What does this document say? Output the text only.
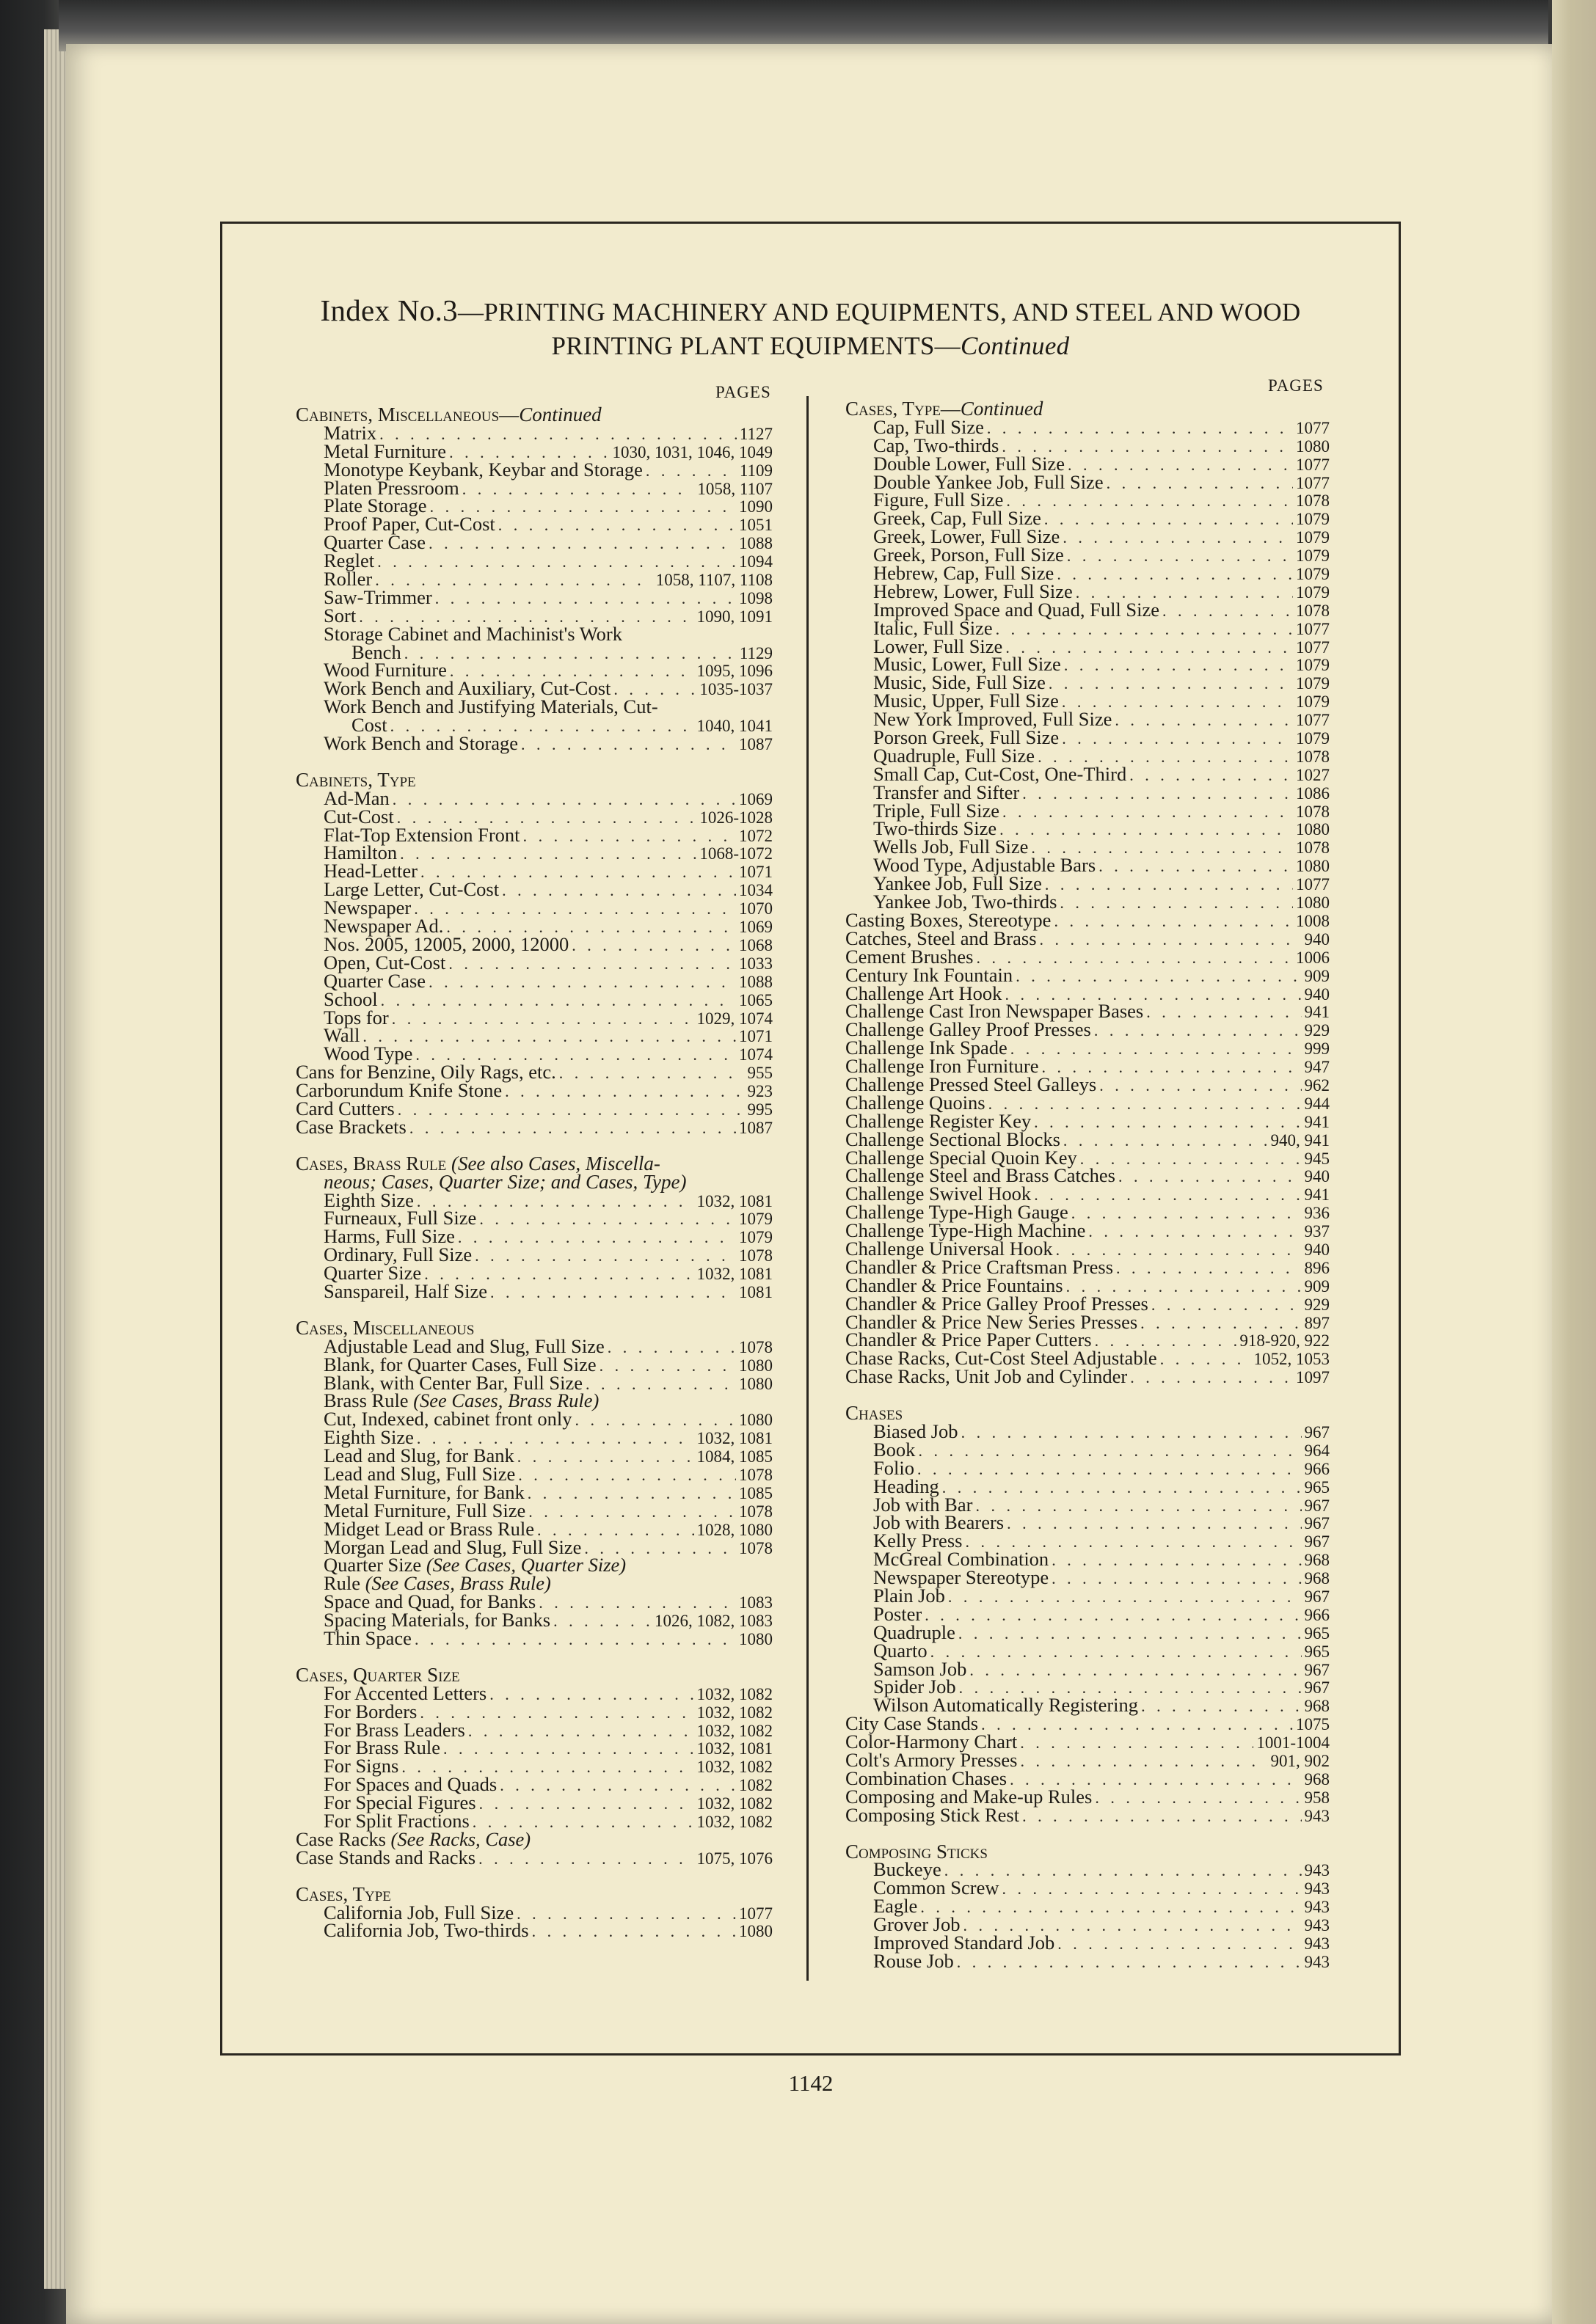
Index No.3—PRINTING MACHINERY AND EQUIPMENTS, AND STEEL AND WOOD
PRINTING PLANT EQUIPMENTS—Continued
PAGES	PAGES
Cabinets, Miscellaneous—Continued
Matrix . . .	1127
Metal Furniture . . .	1030, 1031, 1046, 1049
Monotype Keybank, Keybar and Storage . . .	1109
Platen Pressroom . . .	1058, 1107
Plate Storage . . .	1090
Proof Paper, Cut-Cost . . .	1051
Quarter Case . . .	1088
Reglet . . .	1094
Roller . . .	1058, 1107, 1108
Saw-Trimmer . . .	1098
Sort . . .	1090, 1091
Storage Cabinet and Machinist's Work
Bench . . .	1129
Wood Furniture . . .	1095, 1096
Work Bench and Auxiliary, Cut-Cost . . .	1035-1037
Work Bench and Justifying Materials, Cut-
Cost . . .	1040, 1041
Work Bench and Storage . . .	1087
Cabinets, Type
Ad-Man . . .	1069
Cut-Cost . . .	1026-1028
Flat-Top Extension Front . . .	1072
Hamilton . . .	1068-1072
Head-Letter . . .	1071
Large Letter, Cut-Cost . . .	1034
Newspaper . . .	1070
Newspaper Ad. . . .	1069
Nos. 2005, 12005, 2000, 12000 . . .	1068
Open, Cut-Cost . . .	1033
Quarter Case . . .	1088
School . . .	1065
Tops for . . .	1029, 1074
Wall . . .	1071
Wood Type . . .	1074
Cans for Benzine, Oily Rags, etc. . . .	955
Carborundum Knife Stone . . .	923
Card Cutters . . .	995
Case Brackets . . .	1087
Cases, Brass Rule (See also Cases, Miscella-
neous; Cases, Quarter Size; and Cases, Type)
Eighth Size . . .	1032, 1081
Furneaux, Full Size . . .	1079
Harms, Full Size . . .	1079
Ordinary, Full Size . . .	1078
Quarter Size . . .	1032, 1081
Sanspareil, Half Size . . .	1081
Cases, Miscellaneous
Adjustable Lead and Slug, Full Size . . .	1078
Blank, for Quarter Cases, Full Size . . .	1080
Blank, with Center Bar, Full Size . . .	1080
Brass Rule
(See Cases, Brass Rule)
Cut, Indexed, cabinet front only . . .	1080
Eighth Size . . .	1032, 1081
Lead and Slug, for Bank . . .	1084, 1085
Lead and Slug, Full Size . . .	1078
Metal Furniture, for Bank . . .	1085
Metal Furniture, Full Size . . .	1078
Midget Lead or Brass Rule . . .	1028, 1080
Morgan Lead and Slug, Full Size . . .	1078
Quarter Size
(See Cases, Quarter Size)
Rule
(See Cases, Brass Rule)
Space and Quad, for Banks . . .	1083
Spacing Materials, for Banks . . .	1026, 1082, 1083
Thin Space . . .	1080
Cases, Quarter Size
For Accented Letters . . .	1032, 1082
For Borders . . .	1032, 1082
For Brass Leaders . . .	1032, 1082
For Brass Rule . . .	1032, 1081
For Signs . . .	1032, 1082
For Spaces and Quads . . .	1082
For Special Figures . . .	1032, 1082
For Split Fractions . . .	1032, 1082
Case Racks
(See Racks, Case)
Case Stands and Racks . . .	1075, 1076
Cases, Type
California Job, Full Size . . .	1077
California Job, Two-thirds . . .	1080
Cases, Type—Continued
Cap, Full Size . . .	1077
Cap, Two-thirds . . .	1080
Double Lower, Full Size . . .	1077
Double Yankee Job, Full Size . . .	1077
Figure, Full Size . . .	1078
Greek, Cap, Full Size . . .	1079
Greek, Lower, Full Size . . .	1079
Greek, Porson, Full Size . . .	1079
Hebrew, Cap, Full Size . . .	1079
Hebrew, Lower, Full Size . . .	1079
Improved Space and Quad, Full Size . . .	1078
Italic, Full Size . . .	1077
Lower, Full Size . . .	1077
Music, Lower, Full Size . . .	1079
Music, Side, Full Size . . .	1079
Music, Upper, Full Size . . .	1079
New York Improved, Full Size . . .	1077
Porson Greek, Full Size . . .	1079
Quadruple, Full Size . . .	1078
Small Cap, Cut-Cost, One-Third . . .	1027
Transfer and Sifter . . .	1086
Triple, Full Size . . .	1078
Two-thirds Size . . .	1080
Wells Job, Full Size . . .	1078
Wood Type, Adjustable Bars . . .	1080
Yankee Job, Full Size . . .	1077
Yankee Job, Two-thirds . . .	1080
Casting Boxes, Stereotype . . .	1008
Catches, Steel and Brass . . .	940
Cement Brushes . . .	1006
Century Ink Fountain . . .	909
Challenge Art Hook . . .	940
Challenge Cast Iron Newspaper Bases . . .	941
Challenge Galley Proof Presses . . .	929
Challenge Ink Spade . . .	999
Challenge Iron Furniture . . .	947
Challenge Pressed Steel Galleys . . .	962
Challenge Quoins . . .	944
Challenge Register Key . . .	941
Challenge Sectional Blocks . . .	940, 941
Challenge Special Quoin Key . . .	945
Challenge Steel and Brass Catches . . .	940
Challenge Swivel Hook . . .	941
Challenge Type-High Gauge . . .	936
Challenge Type-High Machine . . .	937
Challenge Universal Hook . . .	940
Chandler & Price Craftsman Press . . .	896
Chandler & Price Fountains . . .	909
Chandler & Price Galley Proof Presses . . .	929
Chandler & Price New Series Presses . . .	897
Chandler & Price Paper Cutters . . .	918-920, 922
Chase Racks, Cut-Cost Steel Adjustable . . .	1052, 1053
Chase Racks, Unit Job and Cylinder . . .	1097
Chases
Biased Job . . .	967
Book . . .	964
Folio . . .	966
Heading . . .	965
Job with Bar . . .	967
Job with Bearers . . .	967
Kelly Press . . .	967
McGreal Combination . . .	968
Newspaper Stereotype . . .	968
Plain Job . . .	967
Poster . . .	966
Quadruple . . .	965
Quarto . . .	965
Samson Job . . .	967
Spider Job . . .	967
Wilson Automatically Registering . . .	968
City Case Stands . . .	1075
Color-Harmony Chart . . .	1001-1004
Colt's Armory Presses . . .	901, 902
Combination Chases . . .	968
Composing and Make-up Rules . . .	958
Composing Stick Rest . . .	943
Composing Sticks
Buckeye . . .	943
Common Screw . . .	943
Eagle . . .	943
Grover Job . . .	943
Improved Standard Job . . .	943
Rouse Job . . .	943
1142
